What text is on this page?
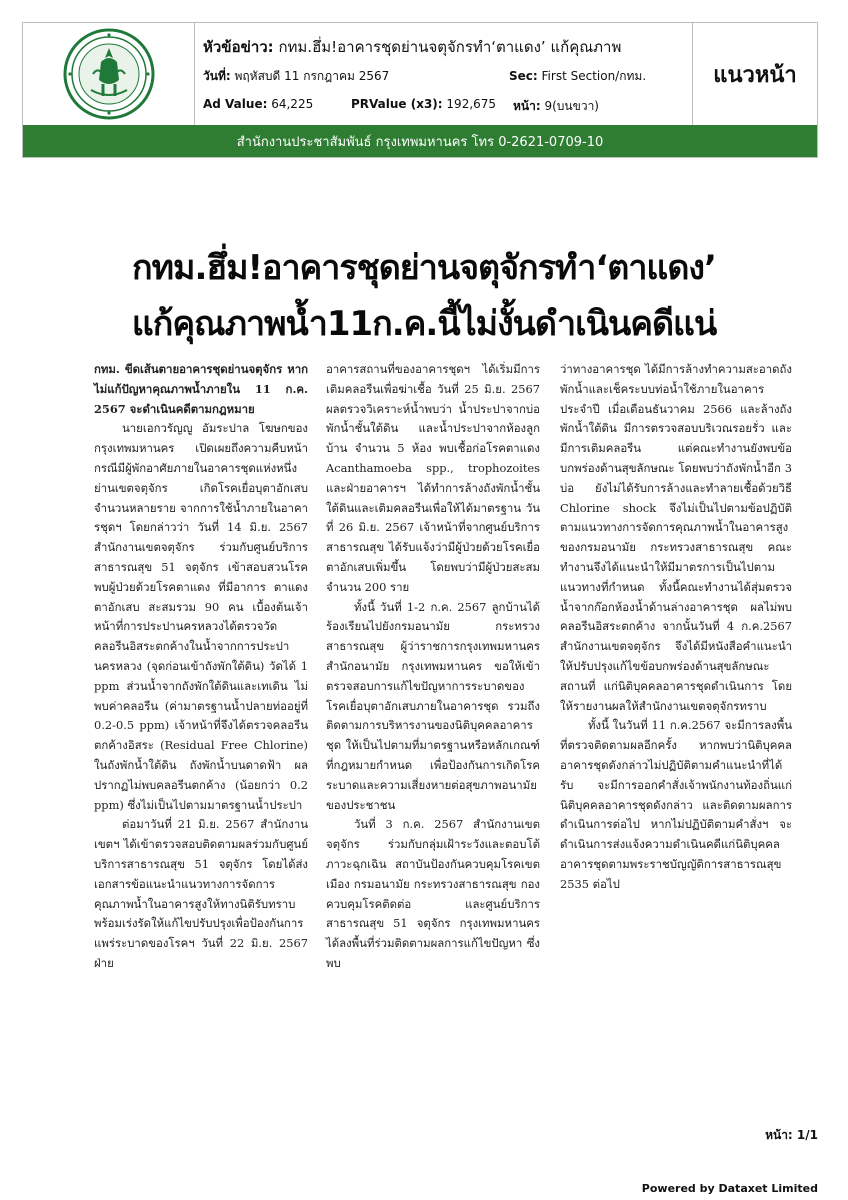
หัวข้อข่าว: กทม.ฮึ่ม!อาคารชุดย่านจตุจักรทำ‘ตาแดง’ แก้คุณภาพ
วันที่: พฤหัสบดี 11 กรกฎาคม 2567	Sec: First Section/กทม.
Ad Value: 64,225	PRValue (x3): 192,675 หน้า: 9(บนขวา)
แนวหน้า
สำนักงานประชาสัมพันธ์ กรุงเทพมหานคร โทร 0-2621-0709-10
กทม.ฮึ่ม!อาคารชุดย่านจตุจักรทำ‘ตาแดง’
แก้คุณภาพน้ำ11ก.ค.นี้ไม่งั้นดำเนินคดีแน่

กทม. ขีดเส้นตายอาคารชุดย่านจตุจักร หากไม่แก้ปัญหาคุณภาพน้ำภายใน 11 ก.ค. 2567 จะดำเนินคดีตามกฎหมาย

นายเอกวรัญญู อัมระปาล โฆษกของกรุงเทพมหานคร เปิดเผยถึงความคืบหน้ากรณีมีผู้พักอาศัยภายในอาคารชุดแห่งหนึ่งย่านเขตจตุจักร เกิดโรคเยื่อบุตาอักเสบจำนวนหลายราย จากการใช้น้ำภายในอาคารชุดฯ โดยกล่าวว่า วันที่ 14 มิ.ย. 2567 สำนักงานเขตจตุจักร ร่วมกับศูนย์บริการสาธารณสุข 51 จตุจักร เข้าสอบสวนโรค พบผู้ป่วยด้วยโรคตาแดง ที่มีอาการ ตาแดง ตาอักเสบ สะสมรวม 90 คน เบื้องต้นเจ้าหน้าที่การประปานครหลวงได้ตรวจวัดคลอรีนอิสระตกค้างในน้ำจากการประปานครหลวง (จุดก่อนเข้าถังพักใต้ดิน) วัดได้ 1 ppm ส่วนน้ำจากถังพักใต้ดินและเทเดิน ไม่พบค่าคลอรีน (ค่ามาตรฐานน้ำปลายท่ออยู่ที่ 0.2-0.5 ppm) เจ้าหน้าที่จึงได้ตรวจคลอรีนตกค้างอิสระ (Residual Free Chlorine) ในถังพักน้ำใต้ดิน ถังพักน้ำบนดาดฟ้า ผลปรากฏไม่พบคลอรีนตกค้าง (น้อยกว่า 0.2 ppm) ซึ่งไม่เป็นไปตามมาตรฐานน้ำประปา

ต่อมาวันที่ 21 มิ.ย. 2567 สำนักงานเขตฯ ได้เข้าตรวจสอบติดตามผลร่วมกับศูนย์บริการสาธารณสุข 51 จตุจักร โดยได้ส่งเอกสารข้อแนะนำแนวทางการจัดการคุณภาพน้ำในอาคารสูงให้ทางนิติรับทราบ พร้อมเร่งรัดให้แก้ไขปรับปรุงเพื่อป้องกันการแพร่ระบาดของโรคฯ วันที่ 22 มิ.ย. 2567 ฝ่าย

อาคารสถานที่ของอาคารชุดฯ ได้เริ่มมีการเติมคลอรีนเพื่อฆ่าเชื้อ วันที่ 25 มิ.ย. 2567 ผลตรวจวิเคราะห์น้ำพบว่า น้ำประปาจากบ่อพักน้ำชั้นใต้ดิน และน้ำประปาจากห้องลูกบ้าน จำนวน 5 ห้อง พบเชื้อก่อโรคตาแดง Acanthamoeba spp., trophozoites และฝ่ายอาคารฯ ได้ทำการล้างถังพักน้ำชั้นใต้ดินและเติมคลอรีนเพื่อให้ได้มาตรฐาน วันที่ 26 มิ.ย. 2567 เจ้าหน้าที่จากศูนย์บริการสาธารณสุข ได้รับแจ้งว่ามีผู้ป่วยด้วยโรคเยื่อตาอักเสบเพิ่มขึ้น โดยพบว่ามีผู้ป่วยสะสม จำนวน 200 ราย

ทั้งนี้ วันที่ 1-2 ก.ค. 2567 ลูกบ้านได้ร้องเรียนไปยังกรมอนามัย กระทรวงสาธารณสุข ผู้ว่าราชการกรุงเทพมหานคร สำนักอนามัย กรุงเทพมหานคร ขอให้เข้าตรวจสอบการแก้ไขปัญหาการระบาดของโรคเยื่อบุตาอักเสบภายในอาคารชุด รวมถึงติดตามการบริหารงานของนิติบุคคลอาคารชุด ให้เป็นไปตามที่มาตรฐานหรือหลักเกณฑ์ที่กฎหมายกำหนด เพื่อป้องกันการเกิดโรคระบาดและความเสี่ยงหายต่อสุขภาพอนามัยของประชาชน

วันที่ 3 ก.ค. 2567 สำนักงานเขตจตุจักร ร่วมกับกลุ่มเฝ้าระวังและตอบโต้ภาวะฉุกเฉิน สถาบันป้องกันควบคุมโรคเขตเมือง กรมอนามัย กระทรวงสาธารณสุข กองควบคุมโรคติดต่อ และศูนย์บริการสาธารณสุข 51 จตุจักร กรุงเทพมหานคร ได้ลงพื้นที่ร่วมติดตามผลการแก้ไขปัญหา ซึ่งพบ

ว่าทางอาคารชุด ได้มีการล้างทำความสะอาดถังพักน้ำและเช็คระบบท่อน้ำใช้ภายในอาคารประจำปี เมื่อเดือนธันวาคม 2566 และล้างถังพักน้ำใต้ดิน มีการตรวจสอบบริเวณรอยรั่ว และมีการเติมคลอรีน แต่คณะทำงานยังพบข้อบกพร่องด้านสุขลักษณะ โดยพบว่าถังพักน้ำอีก 3 บ่อ ยังไม่ได้รับการล้างและทำลายเชื้อด้วยวิธี Chlorine shock จึงไม่เป็นไปตามข้อปฏิบัติตามแนวทางการจัดการคุณภาพน้ำในอาคารสูง ของกรมอนามัย กระทรวงสาธารณสุข คณะทำงานจึงได้แนะนำให้มีมาตรการเป็นไปตามแนวทางที่กำหนด ทั้งนี้คณะทำงานได้สุ่มตรวจน้ำจากก๊อกห้องน้ำด้านล่างอาคารชุด ผลไม่พบคลอรีนอิสระตกค้าง จากนั้นวันที่ 4 ก.ค.2567 สำนักงานเขตจตุจักร จึงได้มีหนังสือคำแนะนำให้ปรับปรุงแก้ไขข้อบกพร่องด้านสุขลักษณะสถานที่ แก่นิติบุคคลอาคารชุดดำเนินการ โดยให้รายงานผลให้สำนักงานเขตจตุจักรทราบ

ทั้งนี้ ในวันที่ 11 ก.ค.2567 จะมีการลงพื้นที่ตรวจติดตามผลอีกครั้ง หากพบว่านิติบุคคลอาคารชุดดังกล่าวไม่ปฏิบัติตามคำแนะนำที่ได้รับ จะมีการออกคำสั่งเจ้าพนักงานท้องถิ่นแก่นิติบุคคลอาคารชุดดังกล่าว และติดตามผลการดำเนินการต่อไป หากไม่ปฏิบัติตามคำสั่งฯ จะดำเนินการส่งแจ้งความดำเนินคดีแก่นิติบุคคลอาคารชุดตามพระราชบัญญัติการสาธารณสุข 2535 ต่อไป

หน้า: 1/1
Powered by Dataxet Limited
